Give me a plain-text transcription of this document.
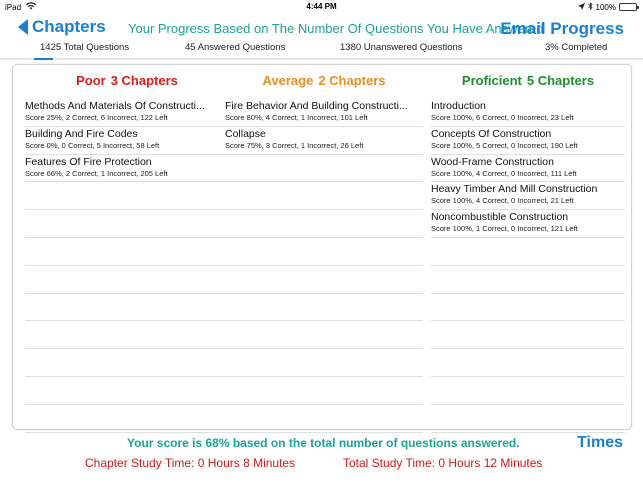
iPad	4:44 PM	100%
Chapters Your Progress Based on The Number Of Questions You Have Answered
Email Progress
1425 Total Questions	45 Answered Questions	1380 Unanswered Questions	3% Completed
Poor 3 Chapters
Methods And Materials Of Constructi...
Score 25%, 2 Correct, 6 Incorrect, 122 Left
Building And Fire Codes
Score 0%, 0 Correct, 5 Incorrect, 58 Left
Features Of Fire Protection
Score 66%, 2 Correct, 1 Incorrect, 205 Left
Average 2 Chapters
Fire Behavior And Building Constructi...
Score 80%, 4 Correct, 1 Incorrect, 101 Left
Collapse
Score 75%, 3 Correct, 1 Incorrect, 26 Left
Proficient 5 Chapters
Introduction
Score 100%, 6 Correct, 0 Incorrect, 23 Left
Concepts Of Construction
Score 100%, 5 Correct, 0 Incorrect, 190 Left
Wood-Frame Construction
Score 100%, 4 Correct, 0 Incorrect, 111 Left
Heavy Timber And Mill Construction
Score 100%, 4 Correct, 0 Incorrect, 21 Left
Noncombustible Construction
Score 100%, 1 Correct, 0 Incorrect, 121 Left
Your score is 68% based on the total number of questions answered.	Times
Chapter Study Time: 0 Hours 8 Minutes	Total Study Time: 0 Hours 12 Minutes
